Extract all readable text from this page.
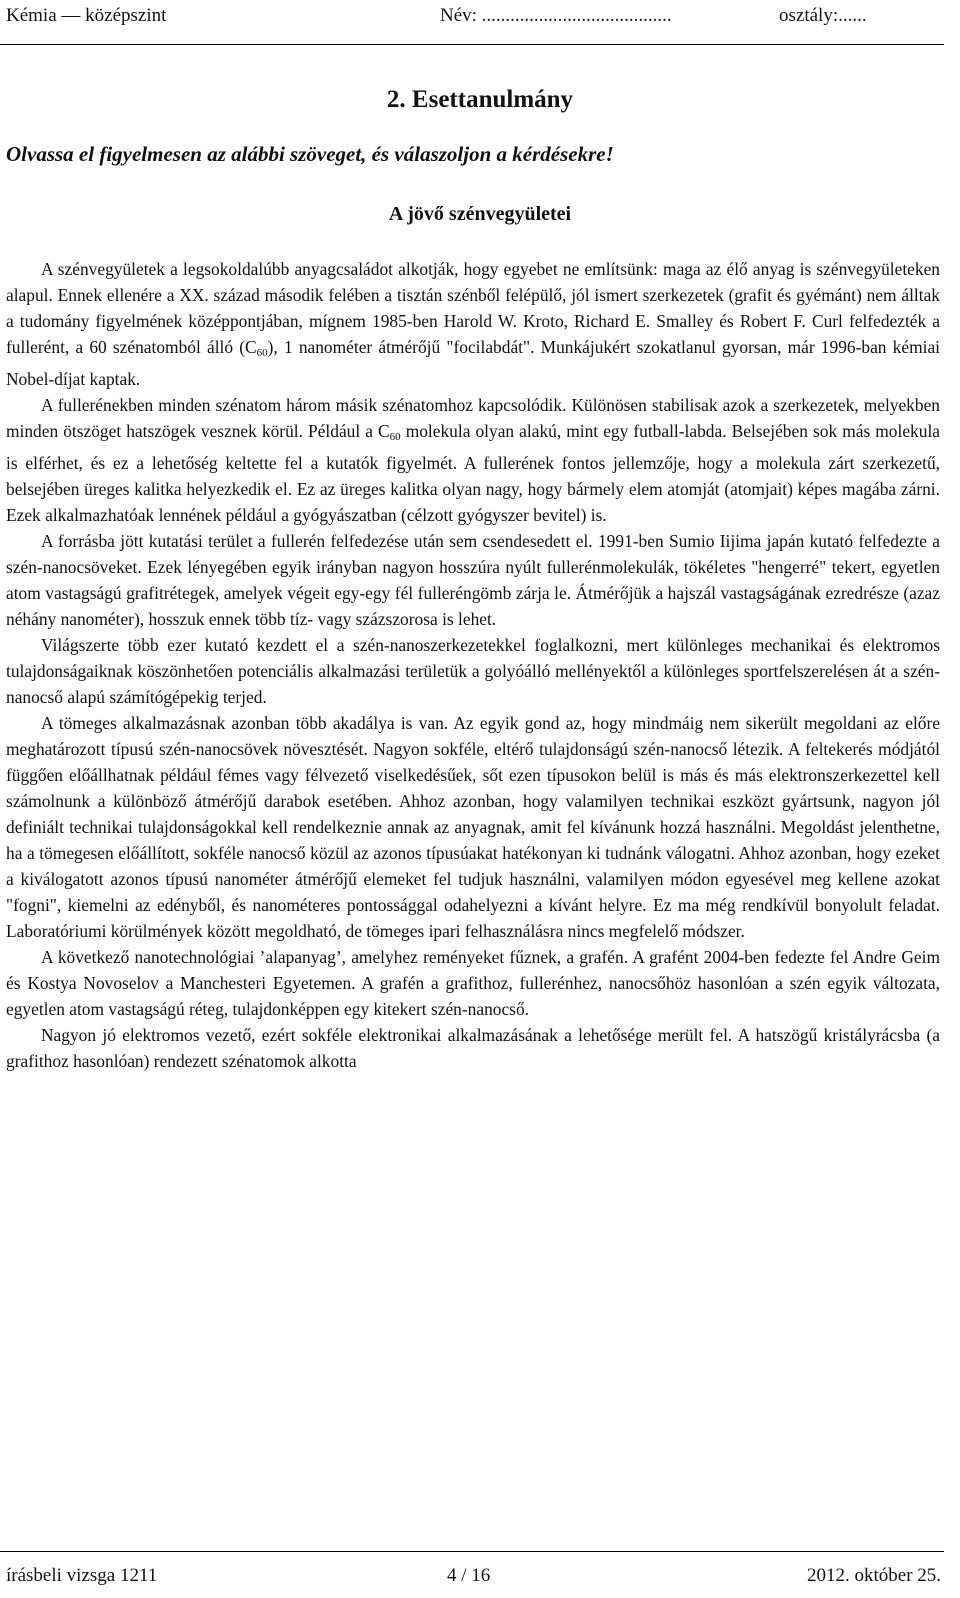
Kémia — középszint	Név: ........................................	osztály:......
2. Esettanulmány
Olvassa el figyelmesen az alábbi szöveget, és válaszoljon a kérdésekre!
A jövő szénvegyületei

A szénvegyületek a legsokoldalúbb anyagcsaládot alkotják, hogy egyebet ne említsünk: maga az élő anyag is szénvegyületeken alapul. Ennek ellenére a XX. század második felében a tisztán szénből felépülő, jól ismert szerkezetek (grafit és gyémánt) nem álltak a tudomány figyelmének középpontjában, mígnem 1985-ben Harold W. Kroto, Richard E. Smalley és Robert F. Curl felfedezték a fullerént, a 60 szénatomból álló $(C_{60})$, 1 nanométer átmérőjű "focilabdát". Munkájukért szokatlanul gyorsan, már 1996-ban kémiai Nobel-díjat kaptak.

A fullerénekben minden szénatom három másik szénatomhoz kapcsolódik. Különösen stabilisak azok a szerkezetek, melyekben minden ötszöget hatszögek vesznek körül. Például a $C_{60}$ molekula olyan alakú, mint egy futball-labda. Belsejében sok más molekula is elférhet, és ez a lehetőség keltette fel a kutatók figyelmét. A fullerének fontos jellemzője, hogy a molekula zárt szerkezetű, belsejében üreges kalitka helyezkedik el. Ez az üreges kalitka olyan nagy, hogy bármely elem atomját (atomjait) képes magába zárni. Ezek alkalmazhatóak lennének például a gyógyászatban (célzott gyógyszer bevitel) is.

A forrásba jött kutatási terület a fullerén felfedezése után sem csendesedett el. 1991-ben Sumio Iijima japán kutató felfedezte a szén-nanocsöveket. Ezek lényegében egyik irányban nagyon hosszúra nyúlt fullerénmolekulák, tökéletes "hengerré" tekert, egyetlen atom vastagságú grafitrétegek, amelyek végeit egy-egy fél fulleréngömb zárja le. Átmérőjük a hajszál vastagságának ezredrésze (azaz néhány nanométer), hosszuk ennek több tíz- vagy százszorosa is lehet.

Világszerte több ezer kutató kezdett el a szén-nanoszerkezetekkel foglalkozni, mert különleges mechanikai és elektromos tulajdonságaiknak köszönhetően potenciális alkalmazási területük a golyóálló mellényektől a különleges sportfelszerelésen át a szén-nanocső alapú számítógépekig terjed.

A tömeges alkalmazásnak azonban több akadálya is van. Az egyik gond az, hogy mindmáig nem sikerült megoldani az előre meghatározott típusú szén-nanocsövek növesztését. Nagyon sokféle, eltérő tulajdonságú szén-nanocső létezik. A feltekerés módjától függően előállhatnak például fémes vagy félvezető viselkedésűek, sőt ezen típusokon belül is más és más elektronszerkezettel kell számolnunk a különböző átmérőjű darabok esetében. Ahhoz azonban, hogy valamilyen technikai eszközt gyártsunk, nagyon jól definiált technikai tulajdonságokkal kell rendelkeznie annak az anyagnak, amit fel kívánunk hozzá használni. Megoldást jelenthetne, ha a tömegesen előállított, sokféle nanocső közül az azonos típusúakat hatékonyan ki tudnánk válogatni. Ahhoz azonban, hogy ezeket a kiválogatott azonos típusú nanométer átmérőjű elemeket fel tudjuk használni, valamilyen módon egyesével meg kellene azokat "fogni", kiemelni az edényből, és nanométeres pontossággal odahelyezni a kívánt helyre. Ez ma még rendkívül bonyolult feladat. Laboratóriumi körülmények között megoldható, de tömeges ipari felhasználásra nincs megfelelő módszer.

A következő nanotechnológiai ’alapanyag’, amelyhez reményeket fűznek, a grafén. A grafént 2004-ben fedezte fel Andre Geim és Kostya Novoselov a Manchesteri Egyetemen. A grafén a grafithoz, fullerénhez, nanocsőhöz hasonlóan a szén egyik változata, egyetlen atom vastagságú réteg, tulajdonképpen egy kitekert szén-nanocső.

Nagyon jó elektromos vezető, ezért sokféle elektronikai alkalmazásának a lehetősége merült fel. A hatszögű kristályrácsba (a grafithoz hasonlóan) rendezett szénatomok alkotta

írásbeli vizsga 1211	4 / 16	2012. október 25.
